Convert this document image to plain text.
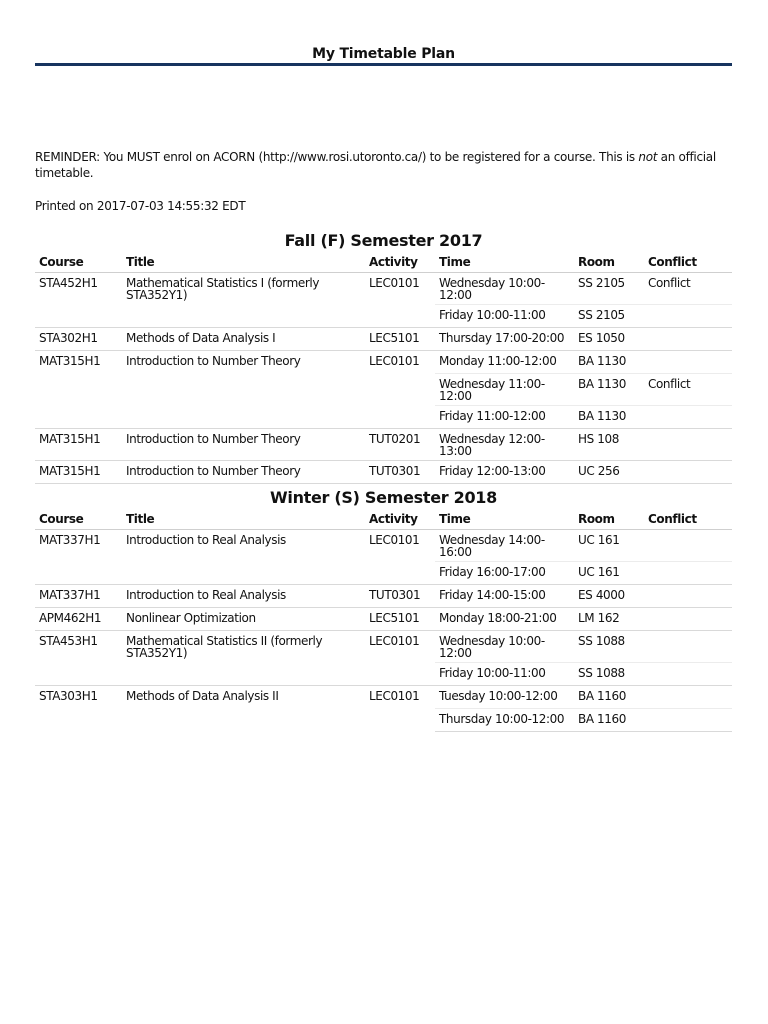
My Timetable Plan
REMINDER: You MUST enrol on ACORN (http://www.rosi.utoronto.ca/) to be registered for a course. This is not an official timetable.
Printed on 2017-07-03 14:55:32 EDT
Fall (F) Semester 2017
Course	Title	Activity	Time	Room	Conflict
STA452H1	Mathematical Statistics I (formerly STA352Y1)	LEC0101	Wednesday 10:00-12:00	SS 2105	Conflict
			Friday 10:00-11:00	SS 2105	
STA302H1	Methods of Data Analysis I	LEC5101	Thursday 17:00-20:00	ES 1050	
MAT315H1	Introduction to Number Theory	LEC0101	Monday 11:00-12:00	BA 1130	
			Wednesday 11:00-12:00	BA 1130	Conflict
			Friday 11:00-12:00	BA 1130	
MAT315H1	Introduction to Number Theory	TUT0201	Wednesday 12:00-13:00	HS 108	
MAT315H1	Introduction to Number Theory	TUT0301	Friday 12:00-13:00	UC 256	
Winter (S) Semester 2018
Course	Title	Activity	Time	Room	Conflict
MAT337H1	Introduction to Real Analysis	LEC0101	Wednesday 14:00-16:00	UC 161	
			Friday 16:00-17:00	UC 161	
MAT337H1	Introduction to Real Analysis	TUT0301	Friday 14:00-15:00	ES 4000	
APM462H1	Nonlinear Optimization	LEC5101	Monday 18:00-21:00	LM 162	
STA453H1	Mathematical Statistics II (formerly STA352Y1)	LEC0101	Wednesday 10:00-12:00	SS 1088	
			Friday 10:00-11:00	SS 1088	
STA303H1	Methods of Data Analysis II	LEC0101	Tuesday 10:00-12:00	BA 1160	
			Thursday 10:00-12:00	BA 1160	
